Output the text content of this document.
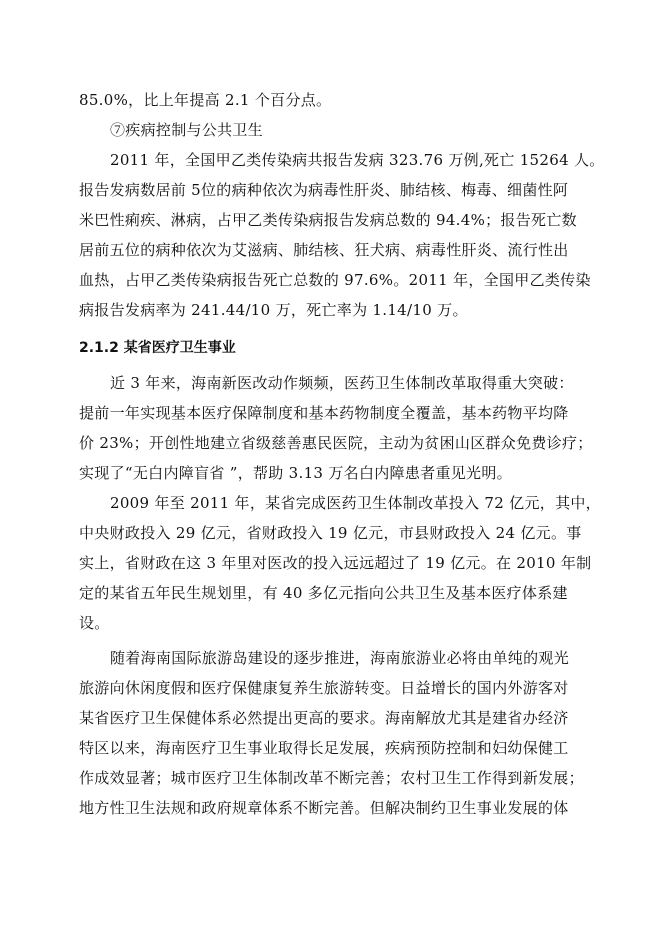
85.0%，比上年提高 2.1 个百分点。
⑦疾病控制与公共卫生
2011 年，全国甲乙类传染病共报告发病 323.76 万例,死亡 15264 人。
报告发病数居前 5位的病种依次为病毒性肝炎、肺结核、梅毒、细菌性阿
米巴性痢疾、淋病，占甲乙类传染病报告发病总数的 94.4%；报告死亡数
居前五位的病种依次为艾滋病、肺结核、狂犬病、病毒性肝炎、流行性出
血热，占甲乙类传染病报告死亡总数的 97.6%。2011 年，全国甲乙类传染
病报告发病率为 241.44/10 万，死亡率为 1.14/10 万。
2.1.2 某省医疗卫生事业
近 3 年来，海南新医改动作频频，医药卫生体制改革取得重大突破：
提前一年实现基本医疗保障制度和基本药物制度全覆盖，基本药物平均降
价 23%；开创性地建立省级慈善惠民医院，主动为贫困山区群众免费诊疗；
实现了“无白内障盲省 ”，帮助 3.13 万名白内障患者重见光明。
2009 年至 2011 年，某省完成医药卫生体制改革投入 72 亿元，其中，
中央财政投入 29 亿元，省财政投入 19 亿元，市县财政投入 24 亿元。事
实上，省财政在这 3 年里对医改的投入远远超过了 19 亿元。在 2010 年制
定的某省五年民生规划里，有 40 多亿元指向公共卫生及基本医疗体系建
设。
随着海南国际旅游岛建设的逐步推进，海南旅游业必将由单纯的观光
旅游向休闲度假和医疗保健康复养生旅游转变。日益增长的国内外游客对
某省医疗卫生保健体系必然提出更高的要求。海南解放尤其是建省办经济
特区以来，海南医疗卫生事业取得长足发展，疾病预防控制和妇幼保健工
作成效显著；城市医疗卫生体制改革不断完善；农村卫生工作得到新发展；
地方性卫生法规和政府规章体系不断完善。但解决制约卫生事业发展的体
